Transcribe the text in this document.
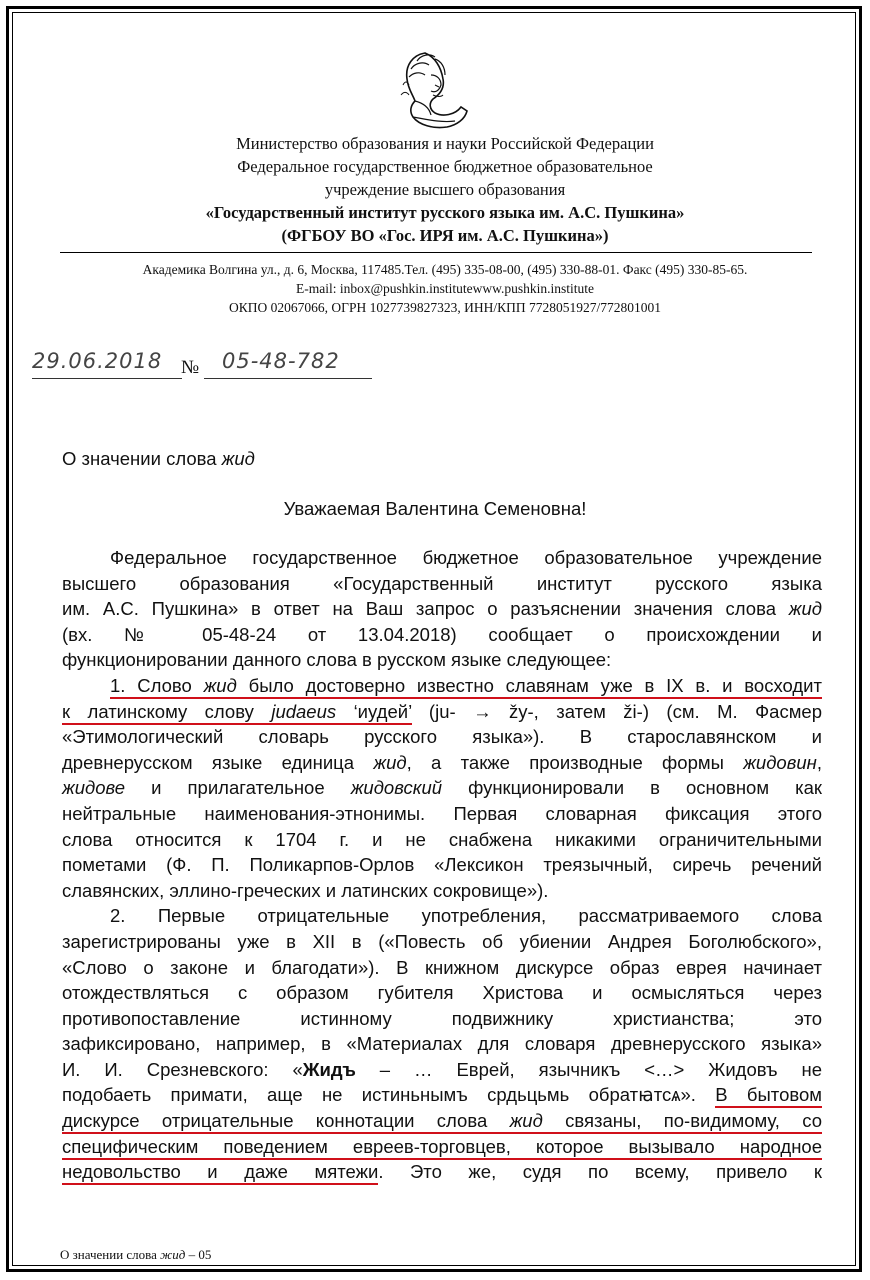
Министерство образования и науки Российской Федерации
Федеральное государственное бюджетное образовательное
учреждение высшего образования
«Государственный институт русского языка им. А.С. Пушкина»
(ФГБОУ ВО «Гос. ИРЯ им. А.С. Пушкина»)
Академика Волгина ул., д. 6, Москва, 117485.Тел. (495) 335-08-00, (495) 330-88-01. Факс (495) 330-85-65.
E-mail: inbox@pushkin.institutewww.pushkin.institute
ОКПО 02067066, ОГРН 1027739827323, ИНН/КПП 7728051927/772801001
29.06.2018 № 05-48-782
О значении слова жид
Уважаемая Валентина Семеновна!
Федеральное государственное бюджетное образовательное учреждение
высшего образования «Государственный институт русского языка
им. А.С. Пушкина» в ответ на Ваш запрос о разъяснении значения слова жид
(вх. № 05-48-24 от 13.04.2018) сообщает о происхождении и
функционировании данного слова в русском языке следующее:
1. Слово жид было достоверно известно славянам уже в IX в. и восходит
к латинскому слову judaeus ‘иудей’ (ju- → žy-, затем ži-) (см. М. Фасмер
«Этимологический словарь русского языка»). В старославянском и
древнерусском языке единица жид, а также производные формы жидовин,
жидове и прилагательное жидовский функционировали в основном как
нейтральные наименования-этнонимы. Первая словарная фиксация этого
слова относится к 1704 г. и не снабжена никакими ограничительными
пометами (Ф. П. Поликарпов-Орлов «Лексикон треязычный, сиречь речений
славянских, эллино-греческих и латинских сокровище»).
2. Первые отрицательные употребления, рассматриваемого слова
зарегистрированы уже в XII в («Повесть об убиении Андрея Боголюбского»,
«Слово о законе и благодати»). В книжном дискурсе образ еврея начинает
отождествляться с образом губителя Христова и осмысляться через
противопоставление истинному подвижнику христианства; это
зафиксировано, например, в «Материалах для словаря древнерусского языка»
И. И. Срезневского: «Жидъ – … Еврей, язычникъ <…> Жидовъ не
подобаеть примати, аще не истиньнымъ срдьцьмь обратꙗтсѧ». В бытовом
дискурсе отрицательные коннотации слова жид связаны, по-видимому, со
специфическим поведением евреев-торговцев, которое вызывало народное
недовольство и даже мятежи. Это же, судя по всему, привело к
О значении слова жид – 05
